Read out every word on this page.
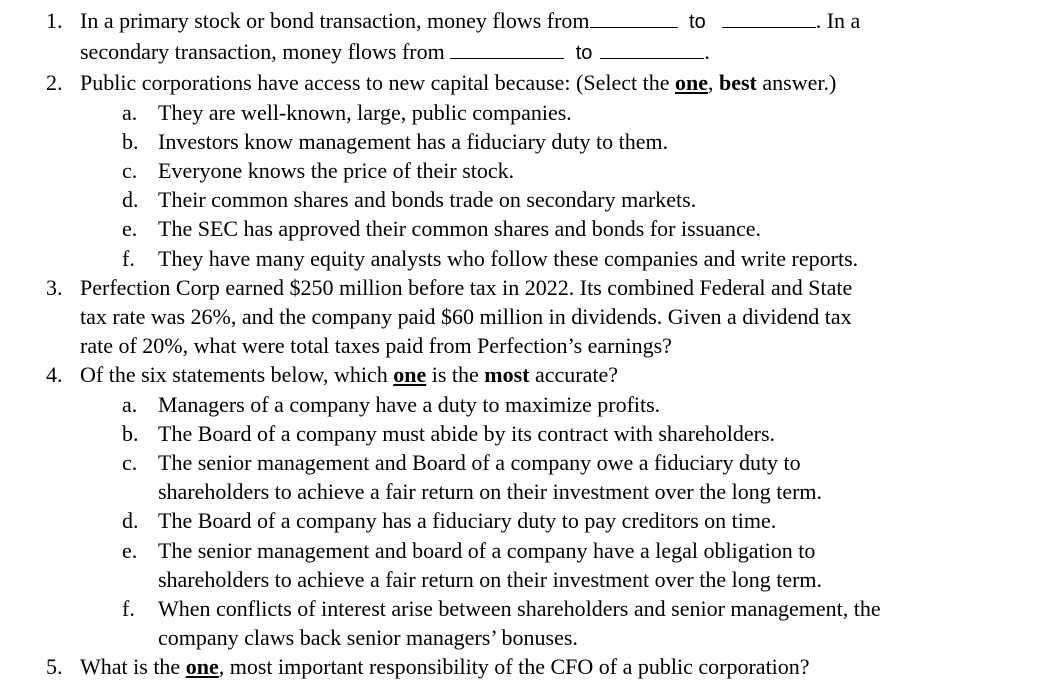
1. In a primary stock or bond transaction, money flows from	to	. In a
secondary transaction, money flows from	to	.
2. Public corporations have access to new capital because: (Select the one, best answer.)
a. They are well-known, large, public companies.
b. Investors know management has a fiduciary duty to them.
c. Everyone knows the price of their stock.
d. Their common shares and bonds trade on secondary markets.
e. The SEC has approved their common shares and bonds for issuance.
f. They have many equity analysts who follow these companies and write reports.
3. Perfection Corp earned $250 million before tax in 2022. Its combined Federal and State
tax rate was 26%, and the company paid $60 million in dividends. Given a dividend tax
rate of 20%, what were total taxes paid from Perfection’s earnings?
4. Of the six statements below, which one is the most accurate?
a. Managers of a company have a duty to maximize profits.
b. The Board of a company must abide by its contract with shareholders.
c. The senior management and Board of a company owe a fiduciary duty to
shareholders to achieve a fair return on their investment over the long term.
d. The Board of a company has a fiduciary duty to pay creditors on time.
e. The senior management and board of a company have a legal obligation to
shareholders to achieve a fair return on their investment over the long term.
f. When conflicts of interest arise between shareholders and senior management, the
company claws back senior managers’ bonuses.
5. What is the one, most important responsibility of the CFO of a public corporation?
